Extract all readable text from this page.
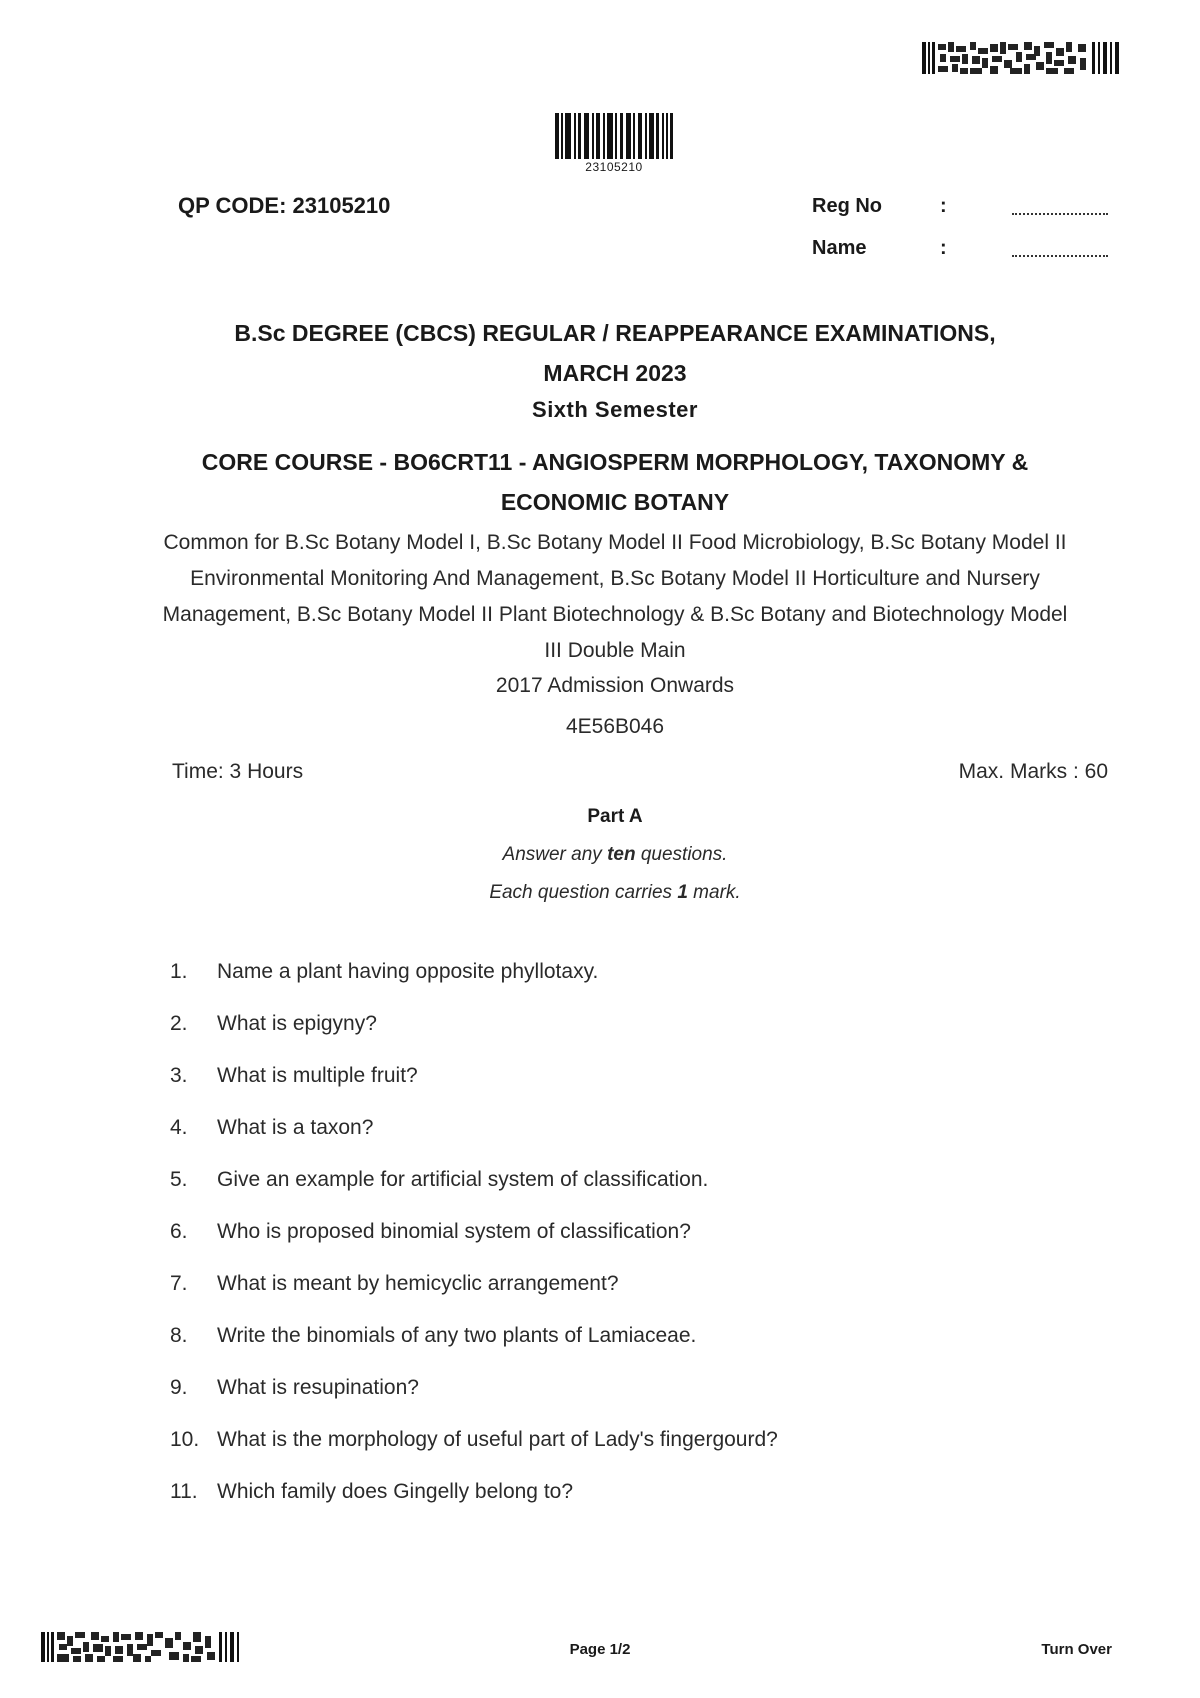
23105210
QP CODE: 23105210	Reg No	:
Name	:
B.Sc DEGREE (CBCS) REGULAR / REAPPEARANCE EXAMINATIONS,
MARCH 2023
Sixth Semester
CORE COURSE - BO6CRT11 - ANGIOSPERM MORPHOLOGY, TAXONOMY &
ECONOMIC BOTANY
Common for B.Sc Botany Model I, B.Sc Botany Model II Food Microbiology, B.Sc Botany Model II
Environmental Monitoring And Management, B.Sc Botany Model II Horticulture and Nursery
Management, B.Sc Botany Model II Plant Biotechnology & B.Sc Botany and Biotechnology Model
III Double Main
2017 Admission Onwards
4E56B046
Time: 3 Hours	Max. Marks : 60
Part A
Answer any ten questions.
Each question carries 1 mark.
1. Name a plant having opposite phyllotaxy.
2. What is epigyny?
3. What is multiple fruit?
4. What is a taxon?
5. Give an example for artificial system of classification.
6. Who is proposed binomial system of classification?
7. What is meant by hemicyclic arrangement?
8. Write the binomials of any two plants of Lamiaceae.
9. What is resupination?
10. What is the morphology of useful part of Lady's fingergourd?
11. Which family does Gingelly belong to?
Page 1/2	Turn Over
